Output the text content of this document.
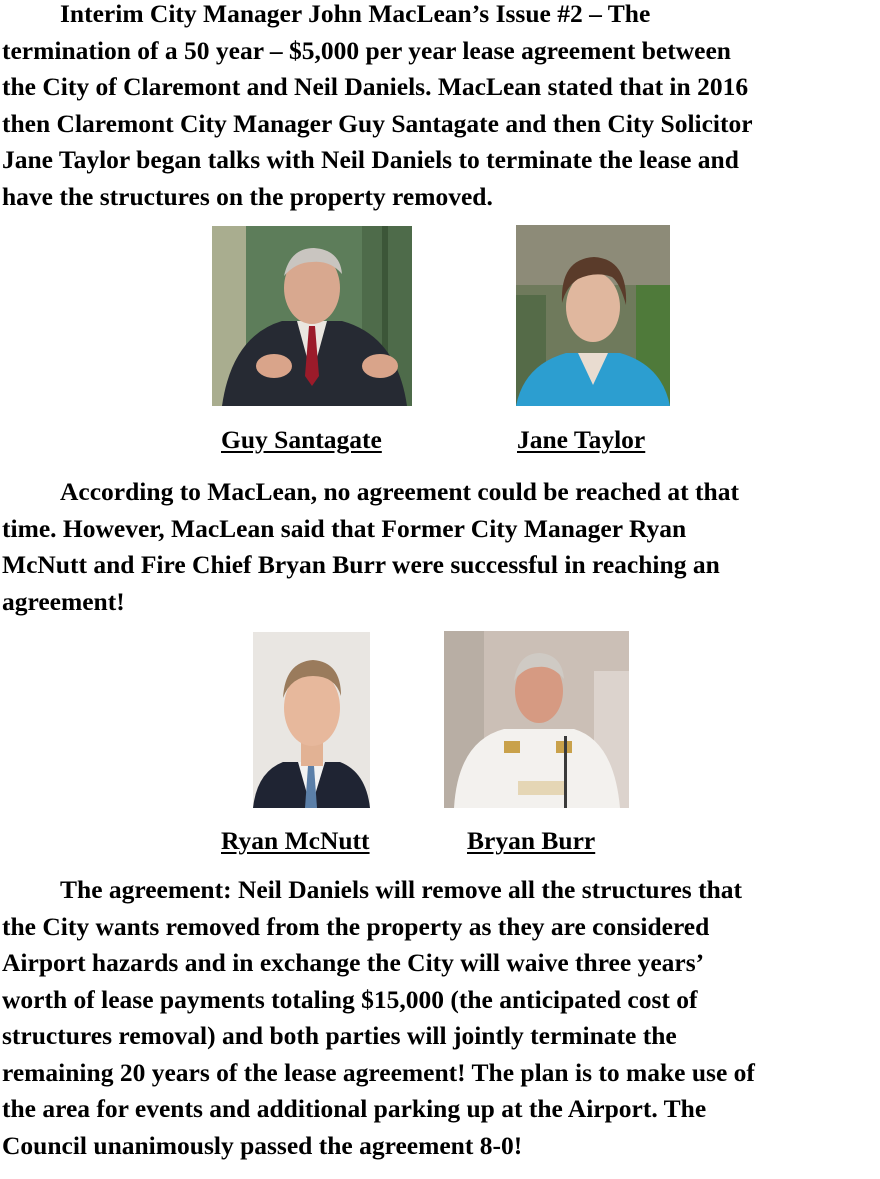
Interim City Manager John MacLean’s Issue #2 – The
termination of a 50 year – $5,000 per year lease agreement between
the City of Claremont and Neil Daniels. MacLean stated that in 2016
then Claremont City Manager Guy Santagate and then City Solicitor
Jane Taylor began talks with Neil Daniels to terminate the lease and
have the structures on the property removed.
Guy Santagate	Jane Taylor
According to MacLean, no agreement could be reached at that
time. However, MacLean said that Former City Manager Ryan
McNutt and Fire Chief Bryan Burr were successful in reaching an
agreement!
Ryan McNutt	Bryan Burr
The agreement: Neil Daniels will remove all the structures that
the City wants removed from the property as they are considered
Airport hazards and in exchange the City will waive three years’
worth of lease payments totaling $15,000 (the anticipated cost of
structures removal) and both parties will jointly terminate the
remaining 20 years of the lease agreement! The plan is to make use of
the area for events and additional parking up at the Airport. The
Council unanimously passed the agreement 8-0!
